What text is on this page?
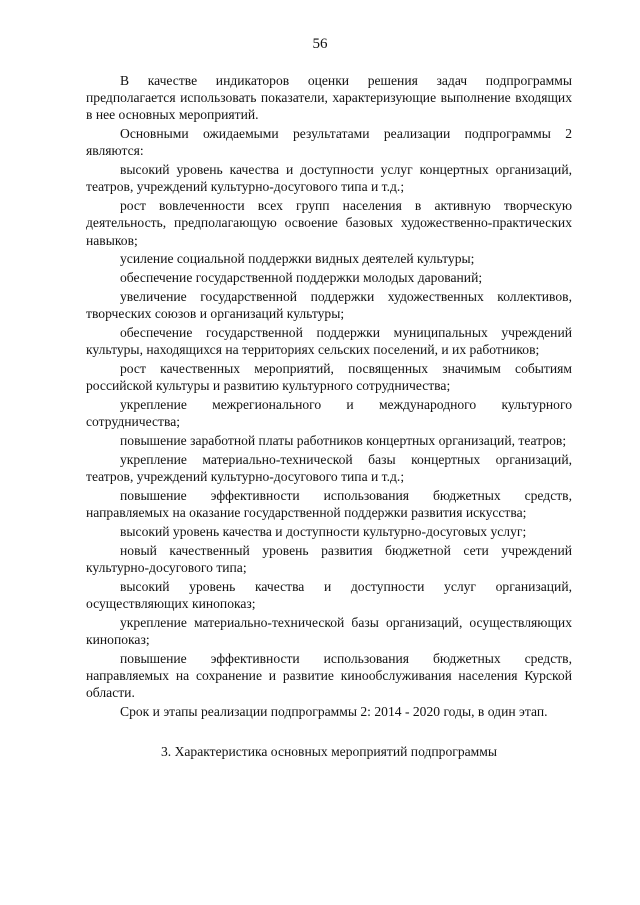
56

В качестве индикаторов оценки решения задач подпрограммы предполагается использовать показатели, характеризующие выполнение входящих в нее основных мероприятий.

Основными ожидаемыми результатами реализации подпрограммы 2 являются:

высокий уровень качества и доступности услуг концертных организаций, театров, учреждений культурно-досугового типа и т.д.;

рост вовлеченности всех групп населения в активную творческую деятельность, предполагающую освоение базовых художественно-практических навыков;

усиление социальной поддержки видных деятелей культуры;

обеспечение государственной поддержки молодых дарований;

увеличение государственной поддержки художественных коллективов, творческих союзов и организаций культуры;

обеспечение государственной поддержки муниципальных учреждений культуры, находящихся на территориях сельских поселений, и их работников;

рост качественных мероприятий, посвященных значимым событиям российской культуры и развитию культурного сотрудничества;

укрепление межрегионального и международного культурного сотрудничества;

повышение заработной платы работников концертных организаций, театров;

укрепление материально-технической базы концертных организаций, театров, учреждений культурно-досугового типа и т.д.;

повышение эффективности использования бюджетных средств, направляемых на оказание государственной поддержки развития искусства;

высокий уровень качества и доступности культурно-досуговых услуг;

новый качественный уровень развития бюджетной сети учреждений культурно-досугового типа;

высокий уровень качества и доступности услуг организаций, осуществляющих кинопоказ;

укрепление материально-технической базы организаций, осуществляющих кинопоказ;

повышение эффективности использования бюджетных средств, направляемых на сохранение и развитие кинообслуживания населения Курской области.

Срок и этапы реализации подпрограммы 2: 2014 - 2020 годы, в один этап.

3. Характеристика основных мероприятий подпрограммы
